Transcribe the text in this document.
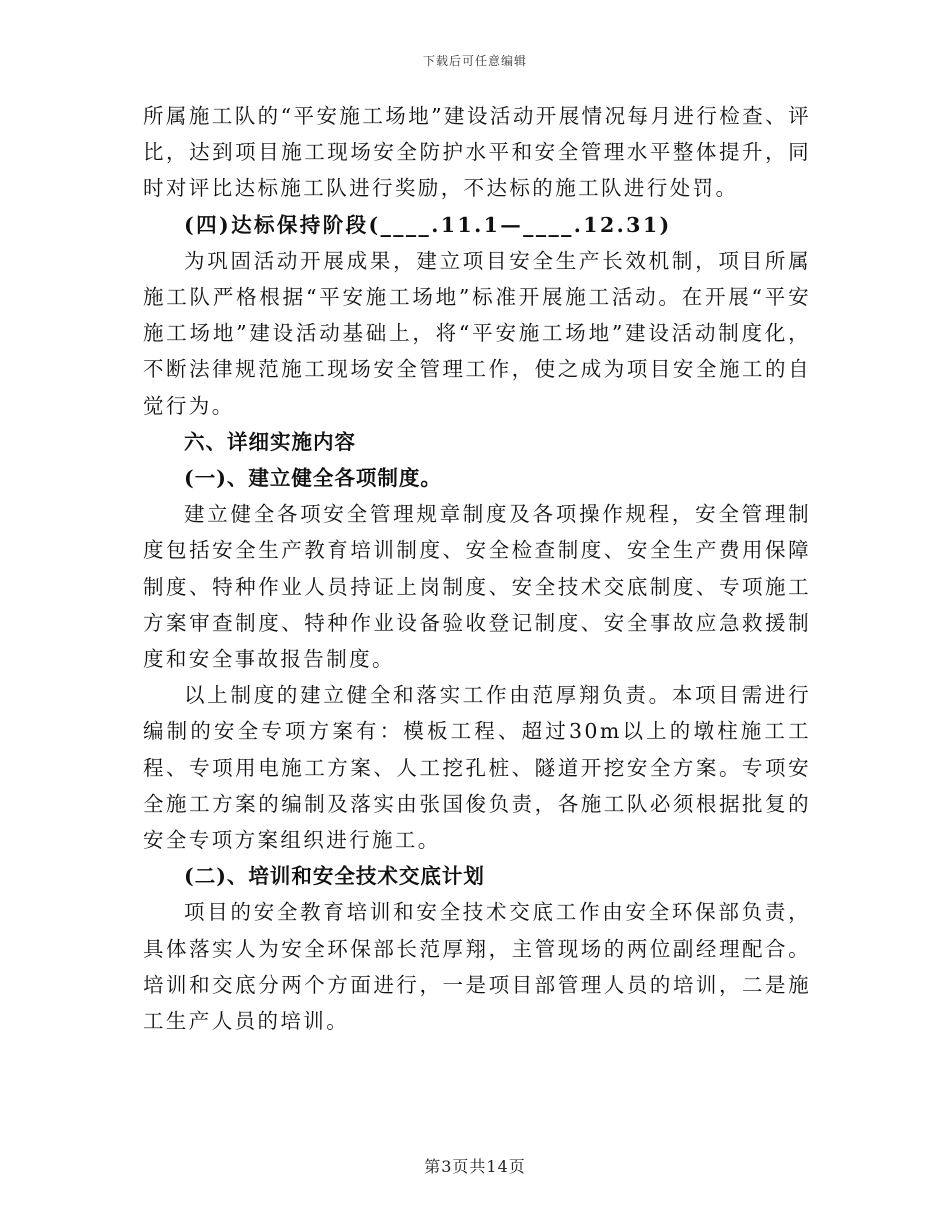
下载后可任意编辑

所属施工队的“平安施工场地”建设活动开展情况每月进行检查、评比，达到项目施工现场安全防护水平和安全管理水平整体提升，同时对评比达标施工队进行奖励，不达标的施工队进行处罚。

(四)达标保持阶段(____.11.1—____.12.31)

为巩固活动开展成果，建立项目安全生产长效机制，项目所属施工队严格根据“平安施工场地”标准开展施工活动。在开展“平安施工场地”建设活动基础上，将“平安施工场地”建设活动制度化，不断法律规范施工现场安全管理工作，使之成为项目安全施工的自觉行为。

六、详细实施内容

(一)、建立健全各项制度。

建立健全各项安全管理规章制度及各项操作规程，安全管理制度包括安全生产教育培训制度、安全检查制度、安全生产费用保障制度、特种作业人员持证上岗制度、安全技术交底制度、专项施工方案审查制度、特种作业设备验收登记制度、安全事故应急救援制度和安全事故报告制度。

以上制度的建立健全和落实工作由范厚翔负责。本项目需进行编制的安全专项方案有：模板工程、超过30m以上的墩柱施工工程、专项用电施工方案、人工挖孔桩、隧道开挖安全方案。专项安全施工方案的编制及落实由张国俊负责，各施工队必须根据批复的安全专项方案组织进行施工。

(二)、培训和安全技术交底计划

项目的安全教育培训和安全技术交底工作由安全环保部负责，具体落实人为安全环保部长范厚翔，主管现场的两位副经理配合。培训和交底分两个方面进行，一是项目部管理人员的培训，二是施工生产人员的培训。

第3页共14页
